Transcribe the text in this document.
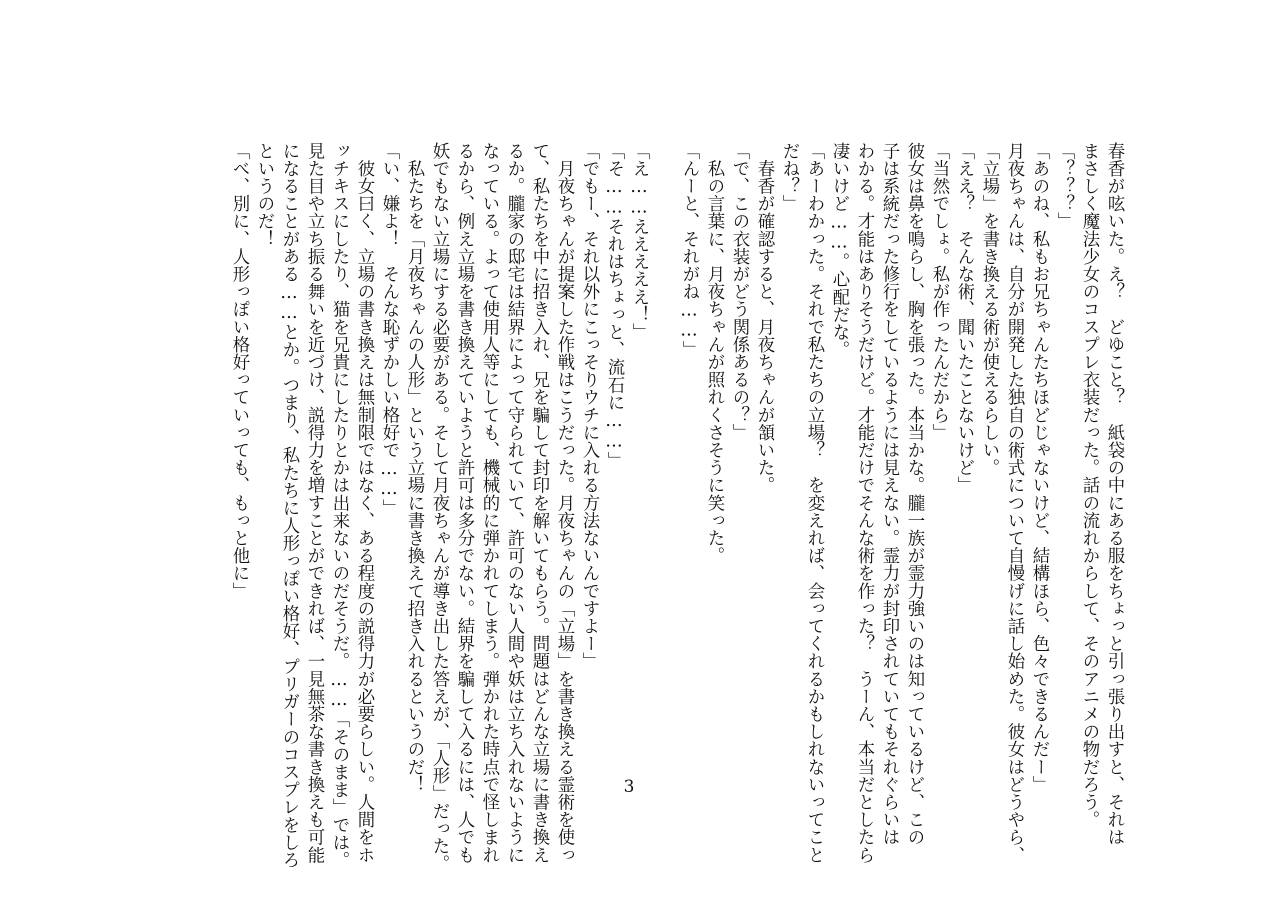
春香が呟いた。え？　どゆこと？　紙袋の中にある服をちょっと引っ張り出すと、それは
まさしく魔法少女のコスプレ衣装だった。話の流れからして、そのアニメの物だろう。
「？？？」
「あのね、私もお兄ちゃんたちほどじゃないけど、結構ほら、色々できるんだー」
月夜ちゃんは、自分が開発した独自の術式について自慢げに話し始めた。彼女はどうやら、
「立場」を書き換える術が使えるらしい。
「ええ？　そんな術、聞いたことないけど」
「当然でしょ。私が作ったんだから」
彼女は鼻を鳴らし、胸を張った。本当かな。朧一族が霊力強いのは知っているけど、この
子は系統だった修行をしているようには見えない。霊力が封印されていてもそれぐらいは
わかる。才能はありそうだけど。才能だけでそんな術を作った？　うーん、本当だとしたら
凄いけど……。心配だな。
「あーわかった。それで私たちの立場？　を変えれば、会ってくれるかもしれないってこと
だね？」
　春香が確認すると、月夜ちゃんが頷いた。
「で、この衣装がどう関係あるの？」
　私の言葉に、月夜ちゃんが照れくさそうに笑った。
「んーと、それがね……」
「え……えええええ！」
「そ……それはちょっと、流石に……」
「でもー、それ以外にこっそりウチに入れる方法ないんですよー」
　月夜ちゃんが提案した作戦はこうだった。月夜ちゃんの「立場」を書き換える霊術を使っ
て、私たちを中に招き入れ、兄を騙して封印を解いてもらう。問題はどんな立場に書き換え
るか。朧家の邸宅は結界によって守られていて、許可のない人間や妖は立ち入れないように
なっている。よって使用人等にしても、機械的に弾かれてしまう。弾かれた時点で怪しまれ
るから、例え立場を書き換えていようと許可は多分でない。結界を騙して入るには、人でも
妖でもない立場にする必要がある。そして月夜ちゃんが導き出した答えが、「人形」だった。
　私たちを「月夜ちゃんの人形」という立場に書き換えて招き入れるというのだ！
「い、嫌よ！　そんな恥ずかしい格好で……」
　彼女曰く、立場の書き換えは無制限ではなく、ある程度の説得力が必要らしい。人間をホ
ッチキスにしたり、猫を兄貴にしたりとかは出来ないのだそうだ。……「そのまま」では。
見た目や立ち振る舞いを近づけ、説得力を増すことができれば、一見無茶な書き換えも可能
になることがある……とか。つまり、私たちに人形っぽい格好、プリガーのコスプレをしろ
というのだ！
「べ、別に、人形っぽい格好っていっても、もっと他に」
3
